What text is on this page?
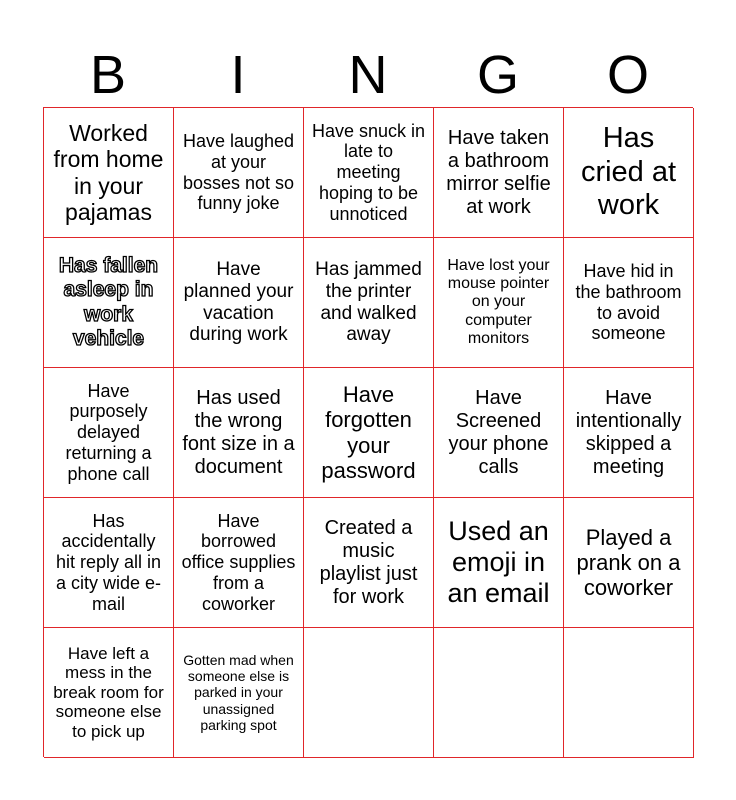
B	I	N	G	O
Worked from home in your pajamas
Have laughed at your bosses not so funny joke
Have snuck in late to meeting hoping to be unnoticed
Have taken a bathroom mirror selfie at work
Has cried at work
Has fallen asleep in work vehicle
Have planned your vacation during work
Has jammed the printer and walked away
Have lost your mouse pointer on your computer monitors
Have hid in the bathroom to avoid someone
Have purposely delayed returning a phone call
Has used the wrong font size in a document
Have forgotten your password
Have Screened your phone calls
Have intentionally skipped a meeting
Has accidentally hit reply all in a city wide e-mail
Have borrowed office supplies from a coworker
Created a music playlist just for work
Used an emoji in an email
Played a prank on a coworker
Have left a mess in the break room for someone else to pick up
Gotten mad when someone else is parked in your unassigned parking spot
